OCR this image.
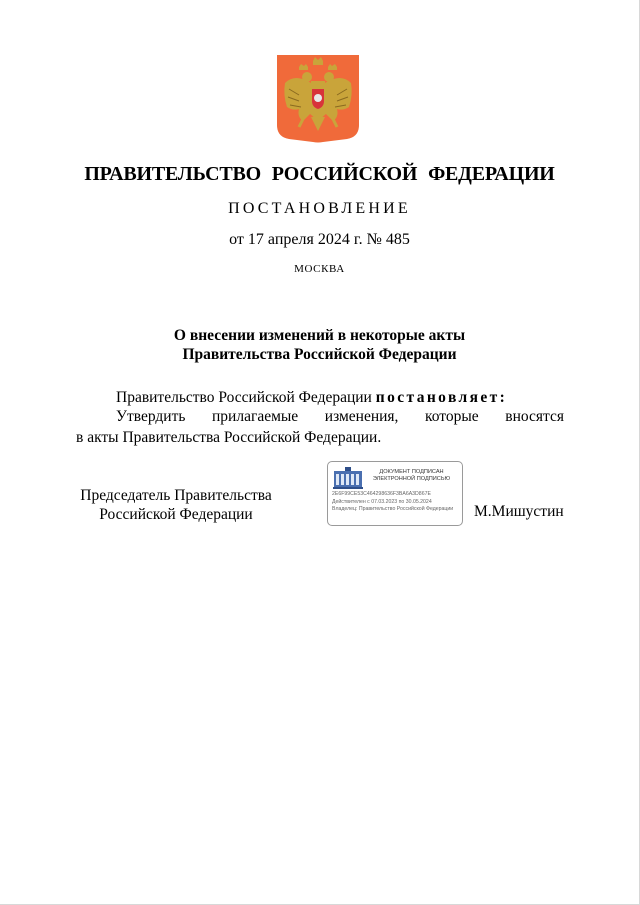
ПРАВИТЕЛЬСТВО РОССИЙСКОЙ ФЕДЕРАЦИИ
ПОСТАНОВЛЕНИЕ
от 17 апреля 2024 г. № 485
МОСКВА
О внесении изменений в некоторые акты
Правительства Российской Федерации
Правительство Российской Федерации постановляет:
Утвердить прилагаемые изменения, которые вносятся
в акты Правительства Российской Федерации.
Председатель Правительства
Российской Федерации
ДОКУМЕНТ ПОДПИСАН
ЭЛЕКТРОННОЙ ПОДПИСЬЮ
2E6F99CE53C464298636F3BA6A3D867E
Действителен с 07.03.2023 по 30.05.2024
Владелец: Правительство Российской Федерации	М.Мишустин
